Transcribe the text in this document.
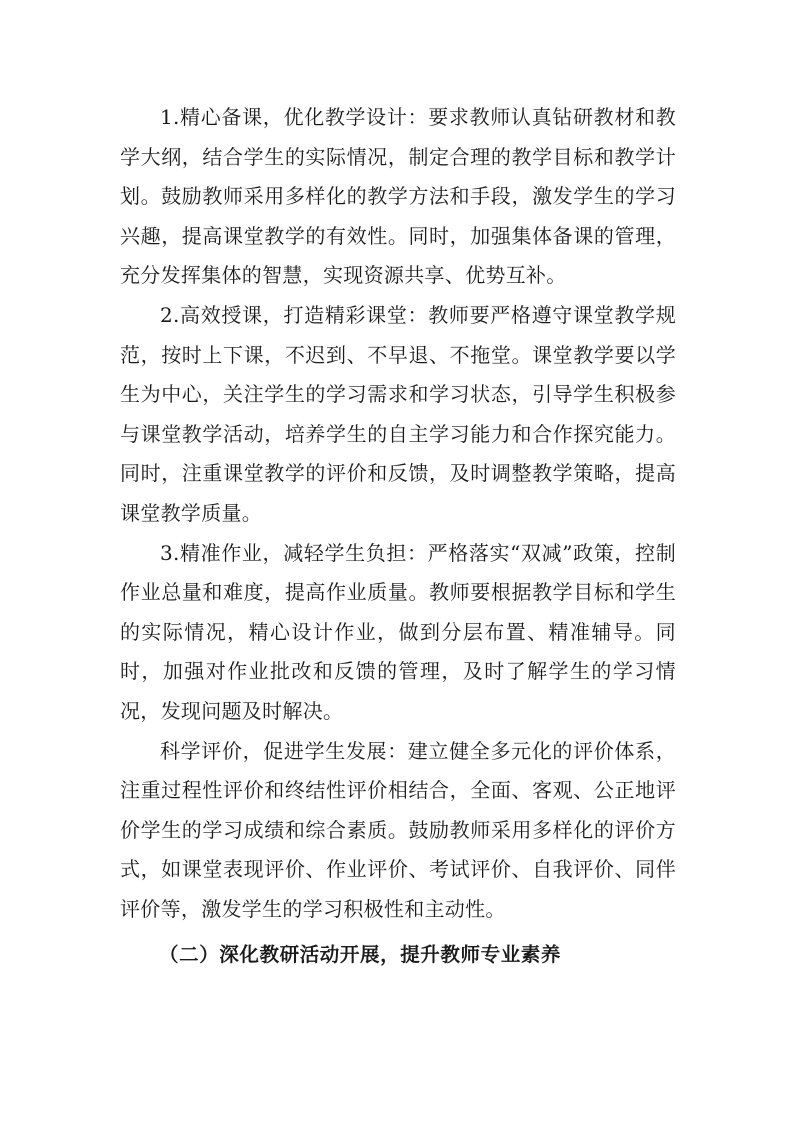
1.精心备课，优化教学设计：要求教师认真钻研教材和教学大纲，结合学生的实际情况，制定合理的教学目标和教学计划。鼓励教师采用多样化的教学方法和手段，激发学生的学习兴趣，提高课堂教学的有效性。同时，加强集体备课的管理，充分发挥集体的智慧，实现资源共享、优势互补。

2.高效授课，打造精彩课堂：教师要严格遵守课堂教学规范，按时上下课，不迟到、不早退、不拖堂。课堂教学要以学生为中心，关注学生的学习需求和学习状态，引导学生积极参与课堂教学活动，培养学生的自主学习能力和合作探究能力。同时，注重课堂教学的评价和反馈，及时调整教学策略，提高课堂教学质量。

3.精准作业，减轻学生负担：严格落实“双减”政策，控制作业总量和难度，提高作业质量。教师要根据教学目标和学生的实际情况，精心设计作业，做到分层布置、精准辅导。同时，加强对作业批改和反馈的管理，及时了解学生的学习情况，发现问题及时解决。

科学评价，促进学生发展：建立健全多元化的评价体系，注重过程性评价和终结性评价相结合，全面、客观、公正地评价学生的学习成绩和综合素质。鼓励教师采用多样化的评价方式，如课堂表现评价、作业评价、考试评价、自我评价、同伴评价等，激发学生的学习积极性和主动性。

（二）深化教研活动开展，提升教师专业素养
